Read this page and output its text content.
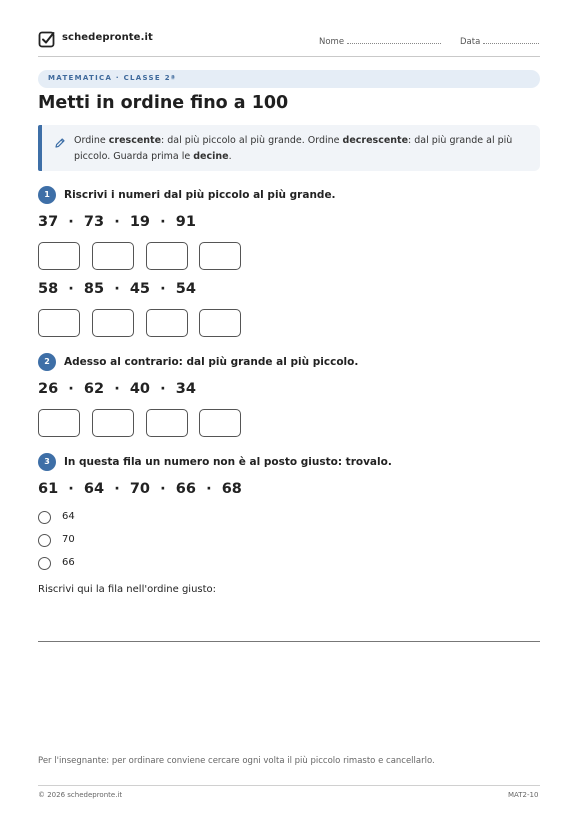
schedepronte.it	Nome	Data
MATEMATICA · CLASSE 2ª
Metti in ordine fino a 100
Ordine crescente: dal più piccolo al più grande. Ordine decrescente: dal più grande al più piccolo. Guarda prima le decine.
1	Riscrivi i numeri dal più piccolo al più grande.
37 · 73 · 19 · 91
58 · 85 · 45 · 54
2	Adesso al contrario: dal più grande al più piccolo.
26 · 62 · 40 · 34
3	In questa fila un numero non è al posto giusto: trovalo.
61 · 64 · 70 · 66 · 68
64
70
66
Riscrivi qui la fila nell'ordine giusto:
Per l'insegnante: per ordinare conviene cercare ogni volta il più piccolo rimasto e cancellarlo.
© 2026 schedepronte.it	MAT2-10
